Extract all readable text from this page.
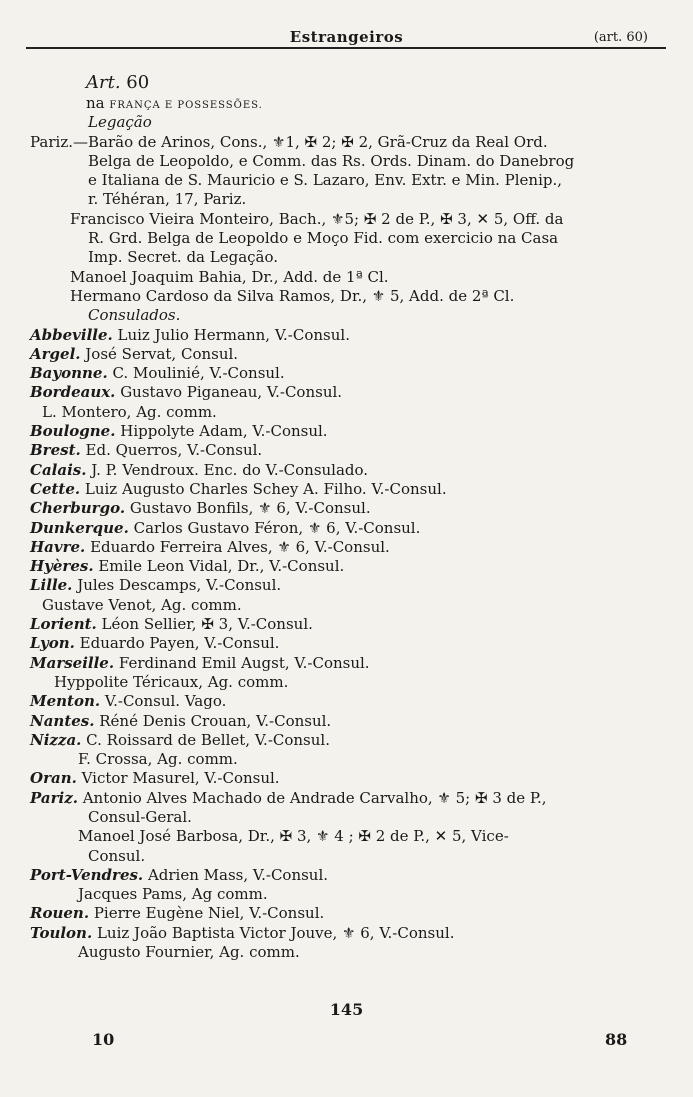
Estrangeiros	(art. 60)
Art. 60
na FRANÇA E POSSESSÕES.
Legação
Pariz.—Barão de Arinos, Cons., ⚜1, ✠ 2; ✠ 2, Grã-Cruz da Real Ord.
Belga de Leopoldo, e Comm. das Rs. Ords. Dinam. do Danebrog
e Italiana de S. Mauricio e S. Lazaro, Env. Extr. e Min. Plenip.,
r. Téhéran, 17, Pariz.
Francisco Vieira Monteiro, Bach., ⚜5; ✠ 2 de P., ✠ 3, ✕ 5, Off. da
R. Grd. Belga de Leopoldo e Moço Fid. com exercicio na Casa
Imp. Secret. da Legação.
Manoel Joaquim Bahia, Dr., Add. de 1ª Cl.
Hermano Cardoso da Silva Ramos, Dr., ⚜ 5, Add. de 2ª Cl.
Consulados.
Abbeville. Luiz Julio Hermann, V.-Consul.
Argel. José Servat, Consul.
Bayonne. C. Moulinié, V.-Consul.
Bordeaux. Gustavo Piganeau, V.-Consul.
L. Montero, Ag. comm.
Boulogne. Hippolyte Adam, V.-Consul.
Brest. Ed. Querros, V.-Consul.
Calais. J. P. Vendroux. Enc. do V.-Consulado.
Cette. Luiz Augusto Charles Schey A. Filho. V.-Consul.
Cherburgo. Gustavo Bonfils, ⚜ 6, V.-Consul.
Dunkerque. Carlos Gustavo Féron, ⚜ 6, V.-Consul.
Havre. Eduardo Ferreira Alves, ⚜ 6, V.-Consul.
Hyères. Emile Leon Vidal, Dr., V.-Consul.
Lille. Jules Descamps, V.-Consul.
Gustave Venot, Ag. comm.
Lorient. Léon Sellier, ✠ 3, V.-Consul.
Lyon. Eduardo Payen, V.-Consul.
Marseille. Ferdinand Emil Augst, V.-Consul.
Hyppolite Téricaux, Ag. comm.
Menton. V.-Consul. Vago.
Nantes. Réné Denis Crouan, V.-Consul.
Nizza. C. Roissard de Bellet, V.-Consul.
F. Crossa, Ag. comm.
Oran. Victor Masurel, V.-Consul.
Pariz. Antonio Alves Machado de Andrade Carvalho, ⚜ 5; ✠ 3 de P.,
Consul-Geral.
Manoel José Barbosa, Dr., ✠ 3, ⚜ 4 ; ✠ 2 de P., ✕ 5, Vice-
Consul.
Port-Vendres. Adrien Mass, V.-Consul.
Jacques Pams, Ag comm.
Rouen. Pierre Eugène Niel, V.-Consul.
Toulon. Luiz João Baptista Victor Jouve, ⚜ 6, V.-Consul.
Augusto Fournier, Ag. comm.
145
10	88
